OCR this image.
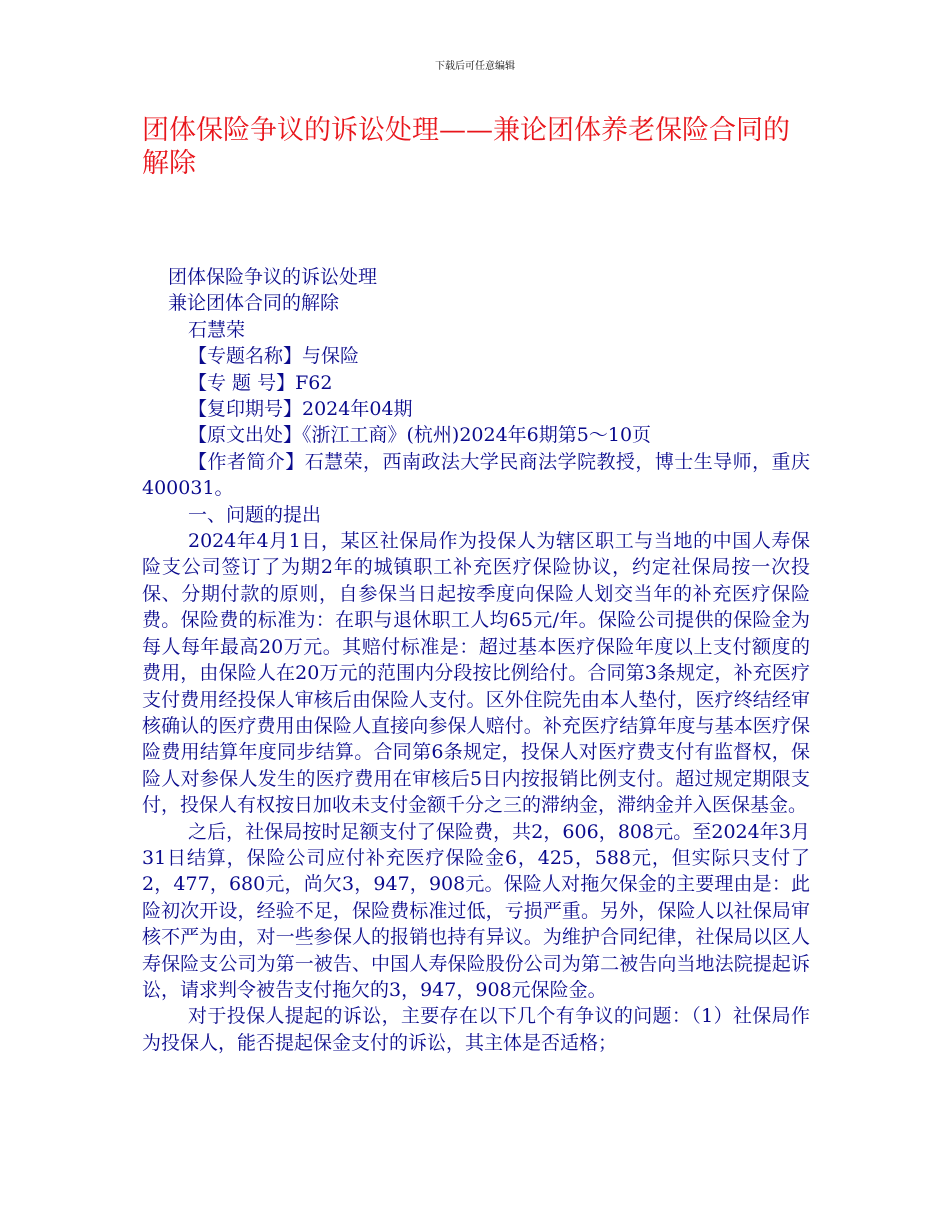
下载后可任意编辑
团体保险争议的诉讼处理——兼论团体养老保险合同的解除

团体保险争议的诉讼处理

兼论团体合同的解除

石慧荣

【专题名称】与保险

【专 题 号】F62

【复印期号】2024年04期

【原文出处】《浙江工商》(杭州)2024年6期第5～10页

【作者简介】石慧荣，西南政法大学民商法学院教授，博士生导师，重庆400031。

一、问题的提出

2024年4月1日，某区社保局作为投保人为辖区职工与当地的中国人寿保险支公司签订了为期2年的城镇职工补充医疗保险协议，约定社保局按一次投保、分期付款的原则，自参保当日起按季度向保险人划交当年的补充医疗保险费。保险费的标准为：在职与退休职工人均65元/年。保险公司提供的保险金为每人每年最高20万元。其赔付标准是：超过基本医疗保险年度以上支付额度的费用，由保险人在20万元的范围内分段按比例给付。合同第3条规定，补充医疗支付费用经投保人审核后由保险人支付。区外住院先由本人垫付，医疗终结经审核确认的医疗费用由保险人直接向参保人赔付。补充医疗结算年度与基本医疗保险费用结算年度同步结算。合同第6条规定，投保人对医疗费支付有监督权，保险人对参保人发生的医疗费用在审核后5日内按报销比例支付。超过规定期限支付，投保人有权按日加收未支付金额千分之三的滞纳金，滞纳金并入医保基金。

之后，社保局按时足额支付了保险费，共2，606，808元。至2024年3月31日结算，保险公司应付补充医疗保险金6，425，588元，但实际只支付了2，477，680元，尚欠3，947，908元。保险人对拖欠保金的主要理由是：此险初次开设，经验不足，保险费标准过低，亏损严重。另外，保险人以社保局审核不严为由，对一些参保人的报销也持有异议。为维护合同纪律，社保局以区人寿保险支公司为第一被告、中国人寿保险股份公司为第二被告向当地法院提起诉讼，请求判令被告支付拖欠的3，947，908元保险金。

对于投保人提起的诉讼，主要存在以下几个有争议的问题：（1）社保局作为投保人，能否提起保金支付的诉讼，其主体是否适格；
